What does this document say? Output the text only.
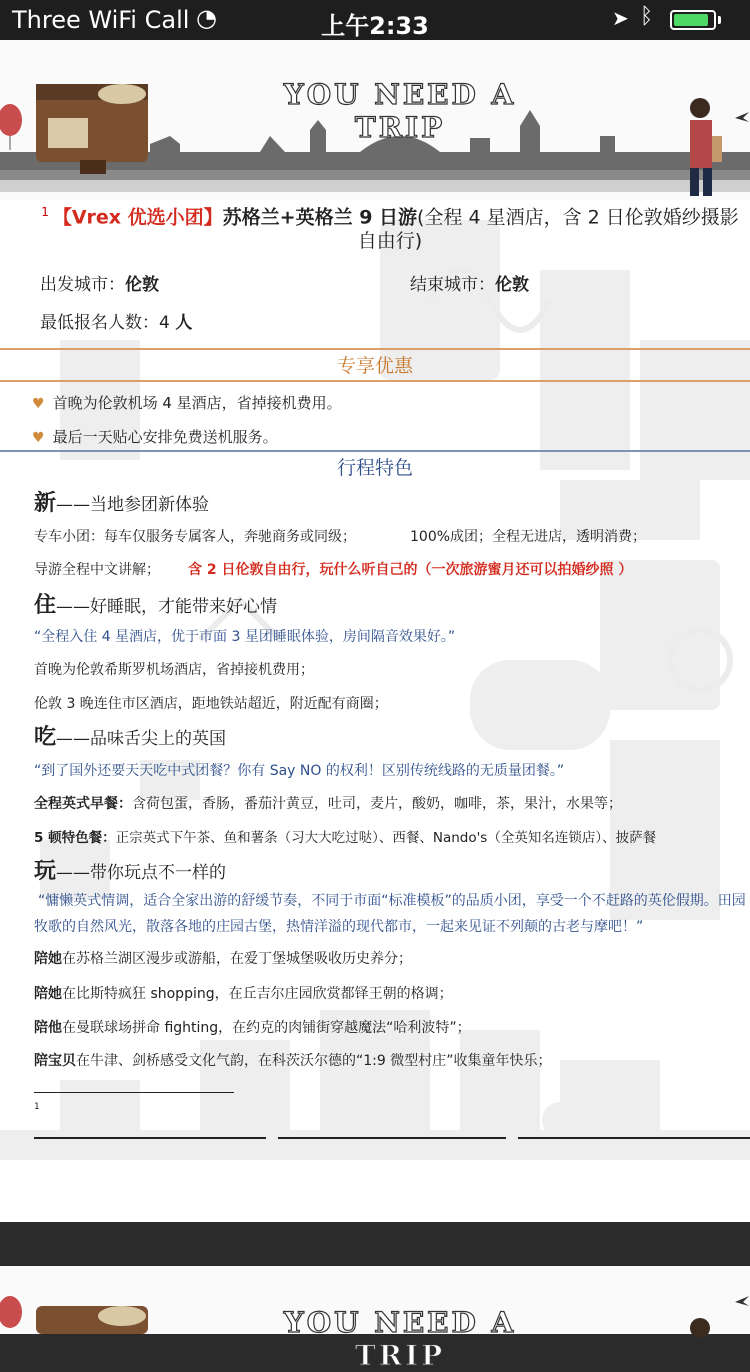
Three WiFi Call ◔	上午2:33	➤ ᛒ
YOU NEED A TRIP
$^1$ 【Vrex 优选小团】苏格兰+英格兰 9 日游(全程 4 星酒店，含 2 日伦敦婚纱摄影自由行)
出发城市：伦敦	结束城市：伦敦
最低报名人数：4 人
专享优惠
♥ 首晚为伦敦机场 4 星酒店，省掉接机费用。
♥ 最后一天贴心安排免费送机服务。
行程特色
新——当地参团新体验
专车小团：每车仅服务专属客人，奔驰商务或同级；	100%成团；全程无进店，透明消费；
导游全程中文讲解； 含 2 日伦敦自由行，玩什么听自己的（一次旅游蜜月还可以拍婚纱照 ）
住——好睡眠，才能带来好心情
“全程入住 4 星酒店，优于市面 3 星团睡眠体验，房间隔音效果好。”
首晚为伦敦希斯罗机场酒店，省掉接机费用；
伦敦 3 晚连住市区酒店，距地铁站超近，附近配有商圈；
吃——品味舌尖上的英国
“到了国外还要天天吃中式团餐？你有 Say NO 的权利！区别传统线路的无质量团餐。”
全程英式早餐：含荷包蛋，香肠，番茄汁黄豆，吐司，麦片，酸奶，咖啡，茶，果汁，水果等；
5 顿特色餐：正宗英式下午茶、鱼和薯条（习大大吃过哒）、西餐、Nando's（全英知名连锁店）、披萨餐
玩——带你玩点不一样的
“慵懒英式情调，适合全家出游的舒缓节奏，不同于市面“标准模板”的品质小团，享受一个不赶路的英伦假期。田园牧歌的自然风光，散落各地的庄园古堡，热情洋溢的现代都市，一起来见证不列颠的古老与摩吧！”
陪她在苏格兰湖区漫步或游船，在爱丁堡城堡吸收历史养分；
陪她在比斯特疯狂 shopping，在丘吉尔庄园欣赏都铎王朝的格调；
陪他在曼联球场拼命 fighting，在约克的肉铺街穿越魔法“哈利波特”；
陪宝贝在牛津、剑桥感受文化气韵，在科茨沃尔德的“1:9 微型村庄”收集童年快乐；
1
YOU NEED A TRIP
